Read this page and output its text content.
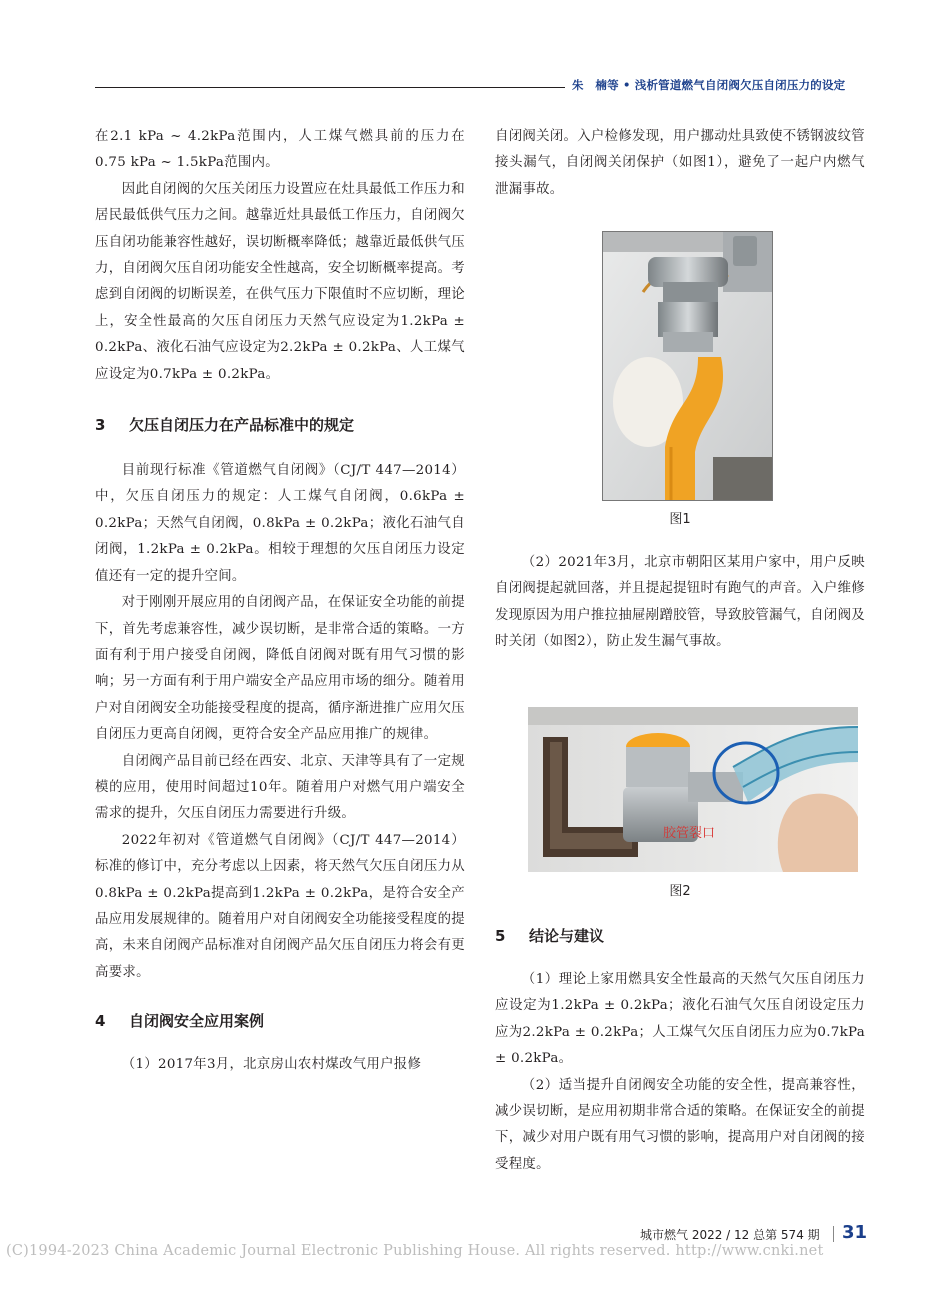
朱　楠等 • 浅析管道燃气自闭阀欠压自闭压力的设定

在2.1 kPa ~ 4.2kPa范围内，人工煤气燃具前的压力在0.75 kPa ~ 1.5kPa范围内。

因此自闭阀的欠压关闭压力设置应在灶具最低工作压力和居民最低供气压力之间。越靠近灶具最低工作压力，自闭阀欠压自闭功能兼容性越好，误切断概率降低；越靠近最低供气压力，自闭阀欠压自闭功能安全性越高，安全切断概率提高。考虑到自闭阀的切断误差，在供气压力下限值时不应切断，理论上，安全性最高的欠压自闭压力天然气应设定为1.2kPa ± 0.2kPa、液化石油气应设定为2.2kPa ± 0.2kPa、人工煤气应设定为0.7kPa ± 0.2kPa。

3 欠压自闭压力在产品标准中的规定

目前现行标准《管道燃气自闭阀》（CJ/T 447—2014）中，欠压自闭压力的规定：人工煤气自闭阀，0.6kPa ± 0.2kPa；天然气自闭阀，0.8kPa ± 0.2kPa；液化石油气自闭阀，1.2kPa ± 0.2kPa。相较于理想的欠压自闭压力设定值还有一定的提升空间。

对于刚刚开展应用的自闭阀产品，在保证安全功能的前提下，首先考虑兼容性，减少误切断，是非常合适的策略。一方面有利于用户接受自闭阀，降低自闭阀对既有用气习惯的影响；另一方面有利于用户端安全产品应用市场的细分。随着用户对自闭阀安全功能接受程度的提高，循序渐进推广应用欠压自闭压力更高自闭阀，更符合安全产品应用推广的规律。

自闭阀产品目前已经在西安、北京、天津等具有了一定规模的应用，使用时间超过10年。随着用户对燃气用户端安全需求的提升，欠压自闭压力需要进行升级。

2022年初对《管道燃气自闭阀》（CJ/T 447—2014）标准的修订中，充分考虑以上因素，将天然气欠压自闭压力从0.8kPa ± 0.2kPa提高到1.2kPa ± 0.2kPa，是符合安全产品应用发展规律的。随着用户对自闭阀安全功能接受程度的提高，未来自闭阀产品标准对自闭阀产品欠压自闭压力将会有更高要求。

4 自闭阀安全应用案例

（1）2017年3月，北京房山农村煤改气用户报修

自闭阀关闭。入户检修发现，用户挪动灶具致使不锈钢波纹管接头漏气，自闭阀关闭保护（如图1），避免了一起户内燃气泄漏事故。

图1

（2）2021年3月，北京市朝阳区某用户家中，用户反映自闭阀提起就回落，并且提起提钮时有跑气的声音。入户维修发现原因为用户推拉抽屉剐蹭胶管，导致胶管漏气，自闭阀及时关闭（如图2），防止发生漏气事故。

胶管裂口
图2

5 结论与建议

（1）理论上家用燃具安全性最高的天然气欠压自闭压力应设定为1.2kPa ± 0.2kPa；液化石油气欠压自闭设定压力应为2.2kPa ± 0.2kPa；人工煤气欠压自闭压力应为0.7kPa ± 0.2kPa。

（2）适当提升自闭阀安全功能的安全性，提高兼容性，减少误切断，是应用初期非常合适的策略。在保证安全的前提下，减少对用户既有用气习惯的影响，提高用户对自闭阀的接受程度。

城市燃气 2022 / 12 总第 574 期 31
(C)1994-2023 China Academic Journal Electronic Publishing House. All rights reserved. http://www.cnki.net
